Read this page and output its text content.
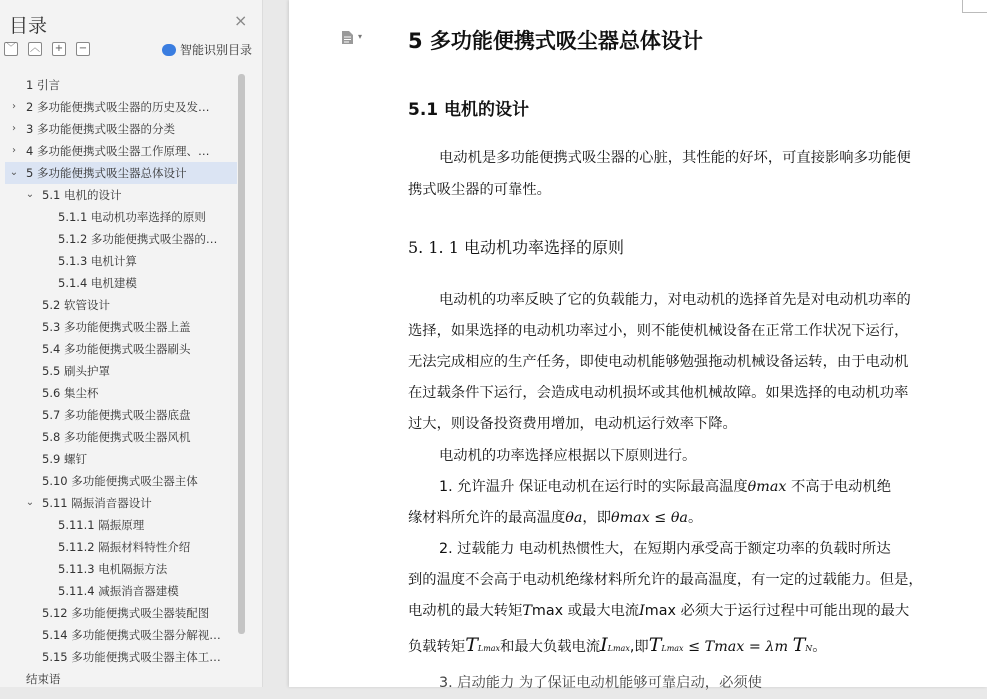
目录	×
﹀ ︿ + −	智能识别目录
1 引言
› 2 多功能便携式吸尘器的历史及发…
› 3 多功能便携式吸尘器的分类
› 4 多功能便携式吸尘器工作原理、…
⌄ 5 多功能便携式吸尘器总体设计
⌄ 5.1 电机的设计
5.1.1 电动机功率选择的原则
5.1.2 多功能便携式吸尘器的…
5.1.3 电机计算
5.1.4 电机建模
5.2 软管设计
5.3 多功能便携式吸尘器上盖
5.4 多功能便携式吸尘器刷头
5.5 刷头护罩
5.6 集尘杯
5.7 多功能便携式吸尘器底盘
5.8 多功能便携式吸尘器风机
5.9 螺钉
5.10 多功能便携式吸尘器主体
⌄ 5.11 隔振消音器设计
5.11.1 隔振原理
5.11.2 隔振材料特性介绍
5.11.3 电机隔振方法
5.11.4 减振消音器建模
5.12 多功能便携式吸尘器装配图
5.14 多功能便携式吸尘器分解视…
5.15 多功能便携式吸尘器主体工…
结束语
▾ 5 多功能便携式吸尘器总体设计
5.1 电机的设计
电动机是多功能便携式吸尘器的心脏，其性能的好坏，可直接影响多功能便
携式吸尘器的可靠性。
5. 1. 1 电动机功率选择的原则
电动机的功率反映了它的负载能力，对电动机的选择首先是对电动机功率的
选择，如果选择的电动机功率过小，则不能使机械设备在正常工作状况下运行，
无法完成相应的生产任务，即使电动机能够勉强拖动机械设备运转，由于电动机
在过载条件下运行，会造成电动机损坏或其他机械故障。如果选择的电动机功率
过大，则设备投资费用增加，电动机运行效率下降。
电动机的功率选择应根据以下原则进行。
1. 允许温升 保证电动机在运行时的实际最高温度θmax 不高于电动机绝
缘材料所允许的最高温度θa，即θmax ≤ θa。
2. 过载能力 电动机热惯性大，在短期内承受高于额定功率的负载时所达
到的温度不会高于电动机绝缘材料所允许的最高温度，有一定的过载能力。但是，
电动机的最大转矩Tmax 或最大电流Imax 必须大于运行过程中可能出现的最大
负载转矩TLmax和最大负载电流ILmax,即TLmax ≤ Tmax = λm TN。
3. 启动能力 为了保证电动机能够可靠启动，必须使
